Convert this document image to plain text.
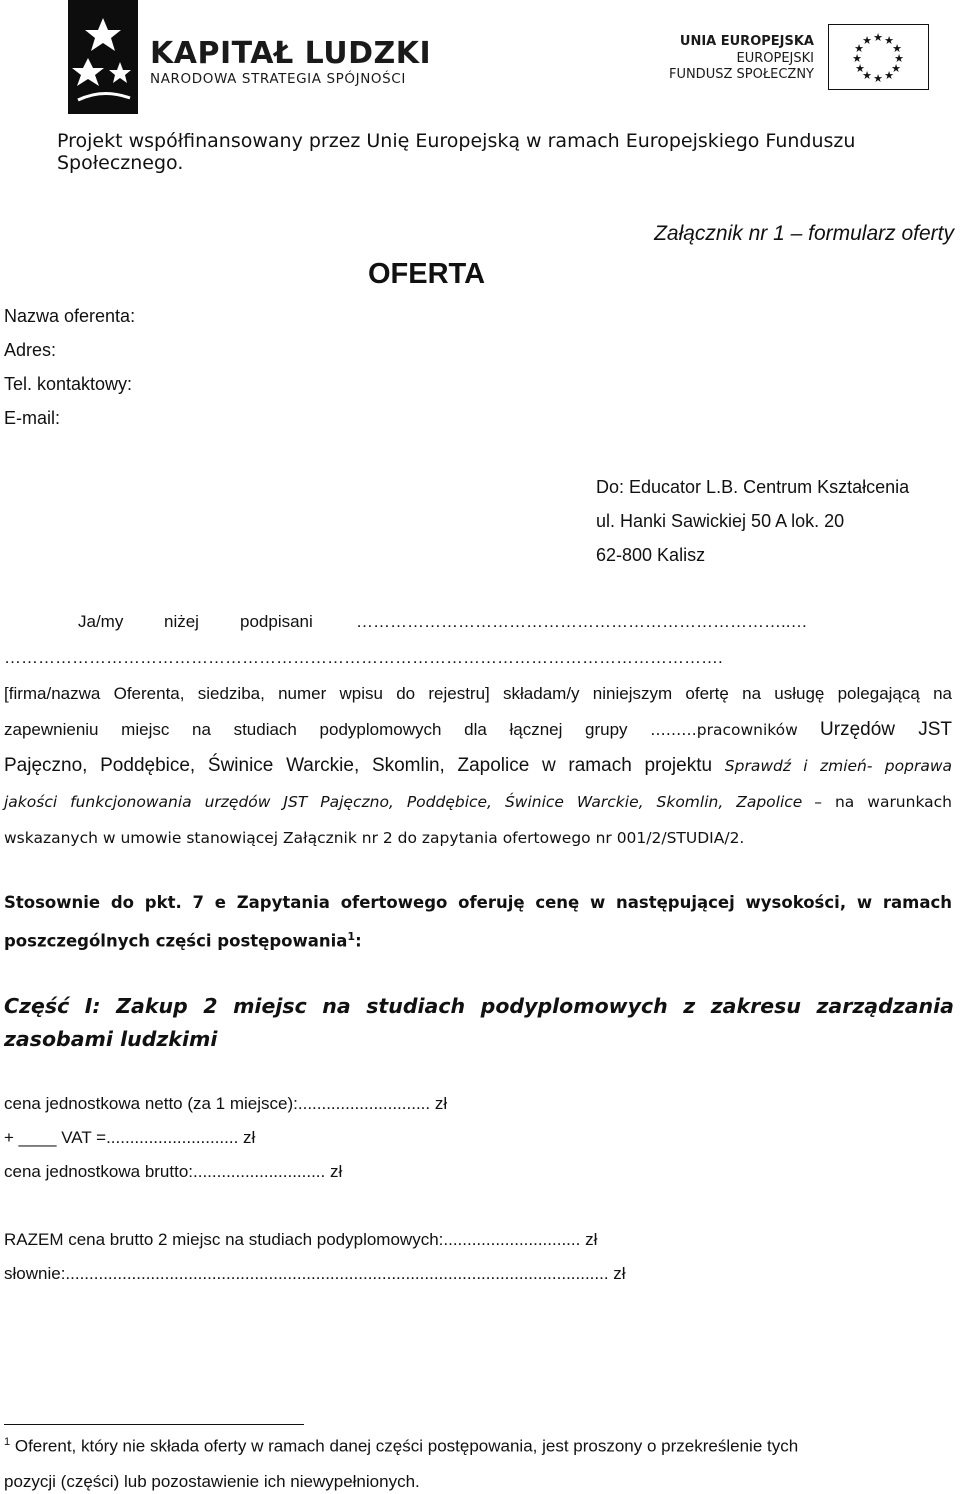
KAPITAŁ LUDZKI
NARODOWA STRATEGIA SPÓJNOŚCI
UNIA EUROPEJSKA
EUROPEJSKI
FUNDUSZ SPOŁECZNY
★ ★
★
★
★
★
★
★
★
★
★
★
Projekt współfinansowany przez Unię Europejską w ramach Europejskiego Funduszu Społecznego.
Załącznik nr 1 – formularz oferty
OFERTA
Nazwa oferenta:
Adres:
Tel. kontaktowy:
E-mail:
Do: Educator L.B. Centrum Kształcenia
ul. Hanki Sawickiej 50 A lok. 20
62-800 Kalisz
Ja/my niżej podpisani	…………………………………………………………………..…
……………………………………………………………………………………………………………….
[firma/nazwa Oferenta, siedziba, numer wpisu do rejestru] składam/y niniejszym ofertę na usługę polegającą na
zapewnieniu miejsc na studiach podyplomowych dla łącznej grupy ………pracowników Urzędów JST
Pajęczno, Poddębice, Świnice Warckie, Skomlin, Zapolice w ramach projektu Sprawdź i zmień- poprawa
jakości funkcjonowania urzędów JST Pajęczno, Poddębice, Świnice Warckie, Skomlin, Zapolice – na warunkach
wskazanych w umowie stanowiącej Załącznik nr 2 do zapytania ofertowego nr 001/2/STUDIA/2.
Stosownie do pkt. 7 e Zapytania ofertowego oferuję cenę w następującej wysokości, w ramach
poszczególnych części postępowania$^1$:
Część I: Zakup 2 miejsc na studiach podyplomowych z zakresu zarządzania zasobami ludzkimi
cena jednostkowa netto (za 1 miejsce):............................ zł
+ ____ VAT =............................ zł
cena jednostkowa brutto:............................ zł
RAZEM cena brutto 2 miejsc na studiach podyplomowych:............................. zł
słownie:................................................................................................................... zł
$^1$ Oferent, który nie składa oferty w ramach danej części postępowania, jest proszony o przekreślenie tych
pozycji (części) lub pozostawienie ich niewypełnionych.
